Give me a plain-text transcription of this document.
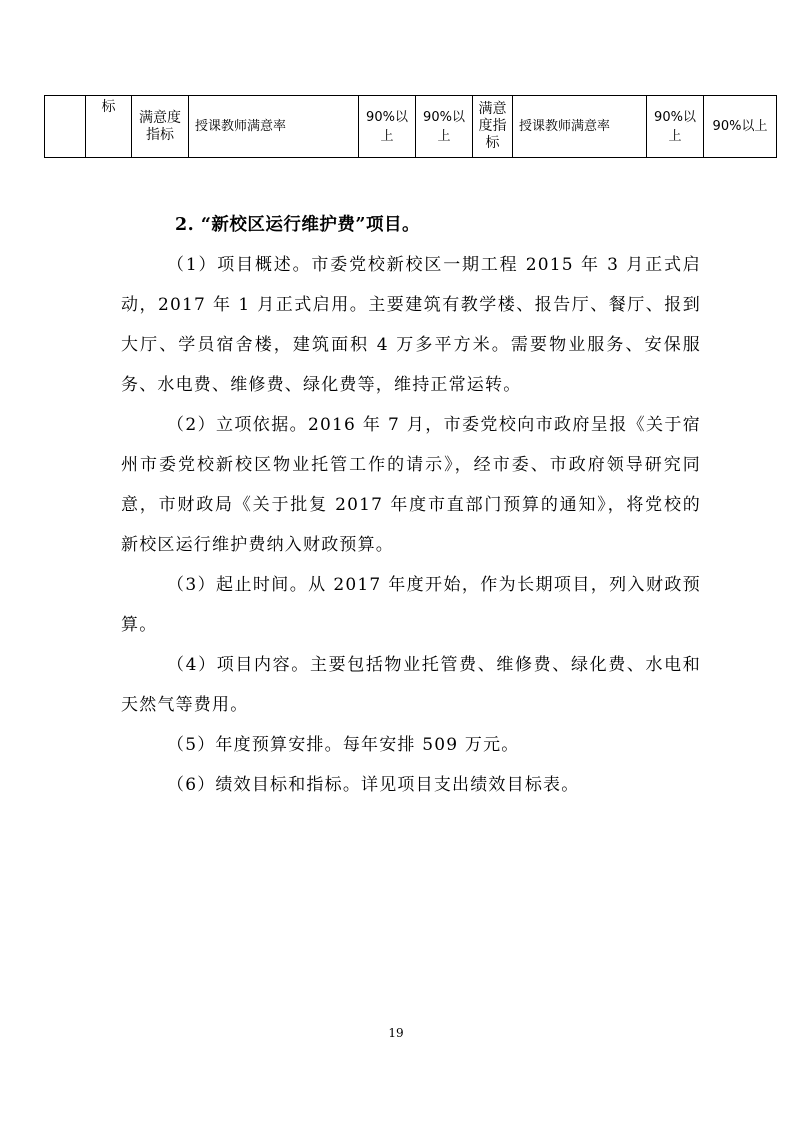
	标	满意度指标	授课教师满意率	90%以上	90%以上	满意度指标	授课教师满意率	90%以上	90%以上
2. “新校区运行维护费”项目。

（1）项目概述。市委党校新校区一期工程 2015 年 3 月正式启动，2017 年 1 月正式启用。主要建筑有教学楼、报告厅、餐厅、报到大厅、学员宿舍楼，建筑面积 4 万多平方米。需要物业服务、安保服务、水电费、维修费、绿化费等，维持正常运转。

（2）立项依据。2016 年 7 月，市委党校向市政府呈报《关于宿州市委党校新校区物业托管工作的请示》，经市委、市政府领导研究同意，市财政局《关于批复 2017 年度市直部门预算的通知》，将党校的新校区运行维护费纳入财政预算。

（3）起止时间。从 2017 年度开始，作为长期项目，列入财政预算。

（4）项目内容。主要包括物业托管费、维修费、绿化费、水电和天然气等费用。

（5）年度预算安排。每年安排 509 万元。

（6）绩效目标和指标。详见项目支出绩效目标表。

19
